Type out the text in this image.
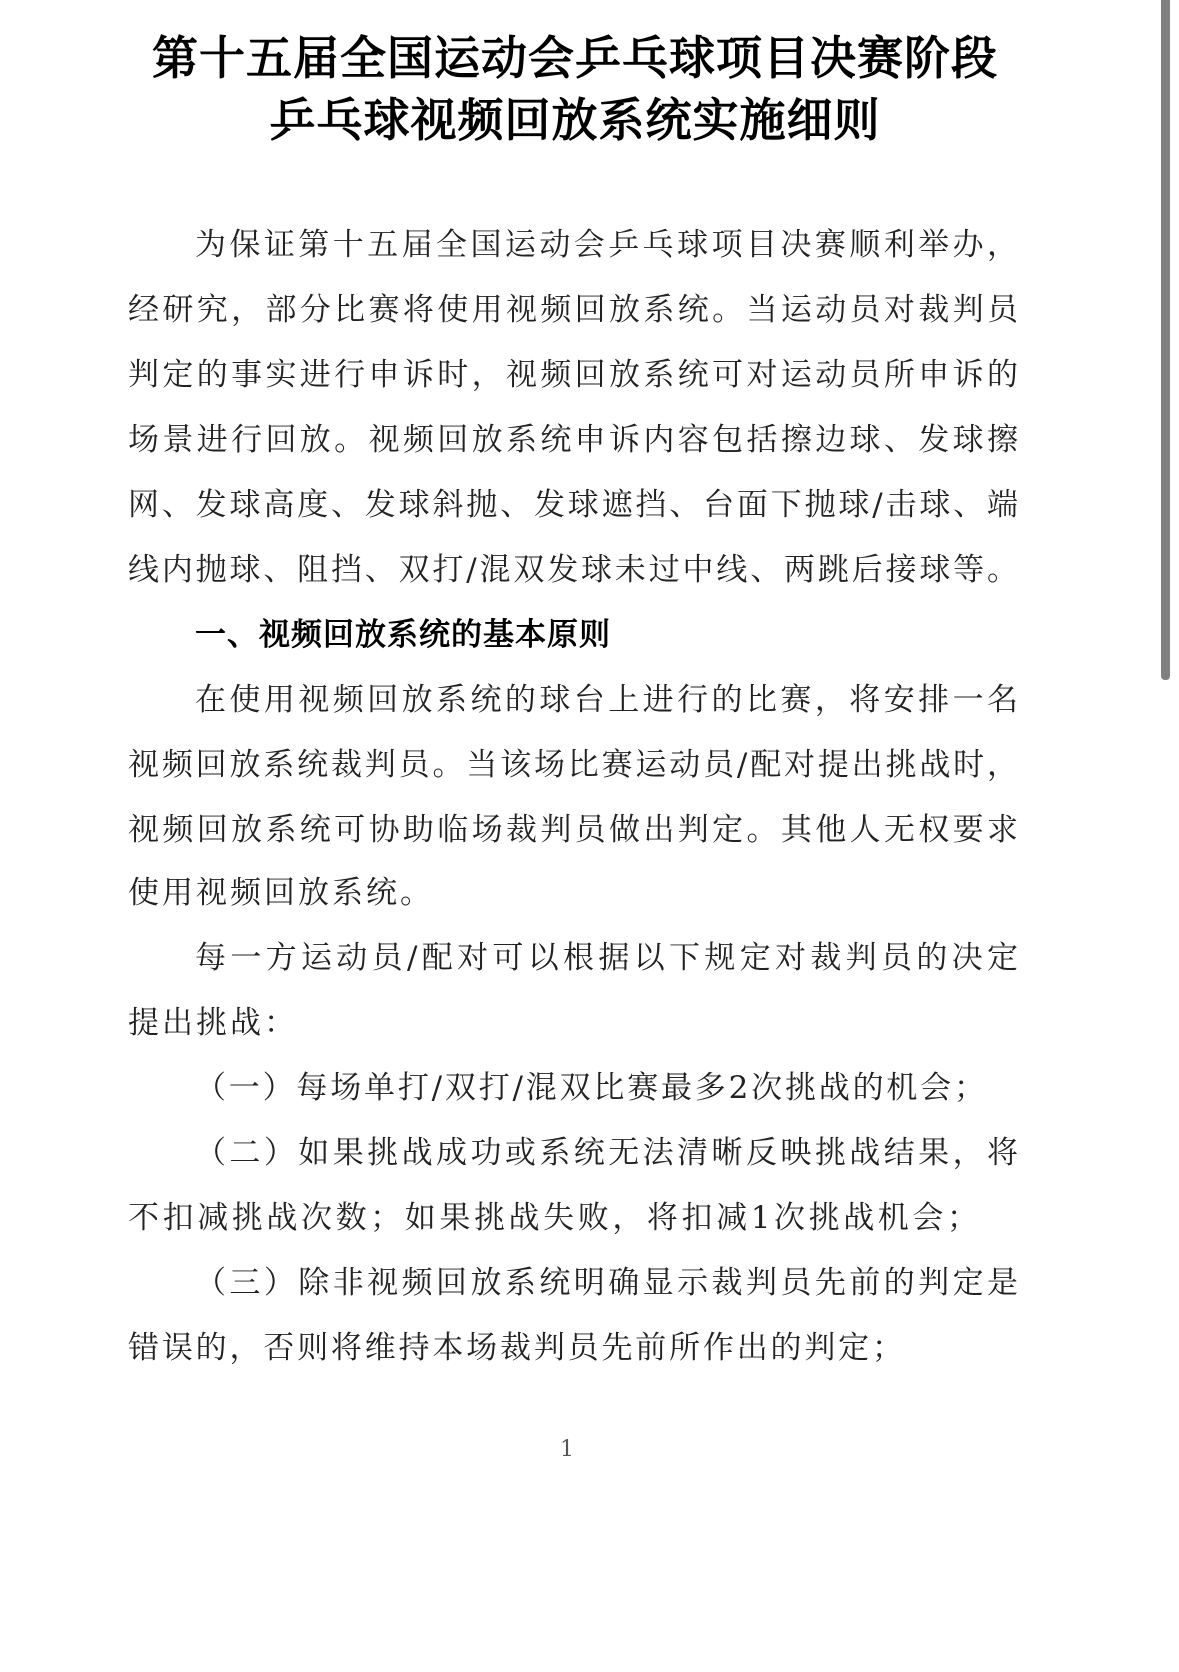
第十五届全国运动会乒乓球项目决赛阶段
乒乓球视频回放系统实施细则
为保证第十五届全国运动会乒乓球项目决赛顺利举办，
经研究，部分比赛将使用视频回放系统。当运动员对裁判员
判定的事实进行申诉时，视频回放系统可对运动员所申诉的
场景进行回放。视频回放系统申诉内容包括擦边球、发球擦
网、发球高度、发球斜抛、发球遮挡、台面下抛球/击球、端
线内抛球、阻挡、双打/混双发球未过中线、两跳后接球等。
一、视频回放系统的基本原则
在使用视频回放系统的球台上进行的比赛，将安排一名
视频回放系统裁判员。当该场比赛运动员/配对提出挑战时，
视频回放系统可协助临场裁判员做出判定。其他人无权要求
使用视频回放系统。
每一方运动员/配对可以根据以下规定对裁判员的决定
提出挑战：
（一）每场单打/双打/混双比赛最多2次挑战的机会；
（二）如果挑战成功或系统无法清晰反映挑战结果，将
不扣减挑战次数；如果挑战失败，将扣减1次挑战机会；
（三）除非视频回放系统明确显示裁判员先前的判定是
错误的，否则将维持本场裁判员先前所作出的判定；
1
